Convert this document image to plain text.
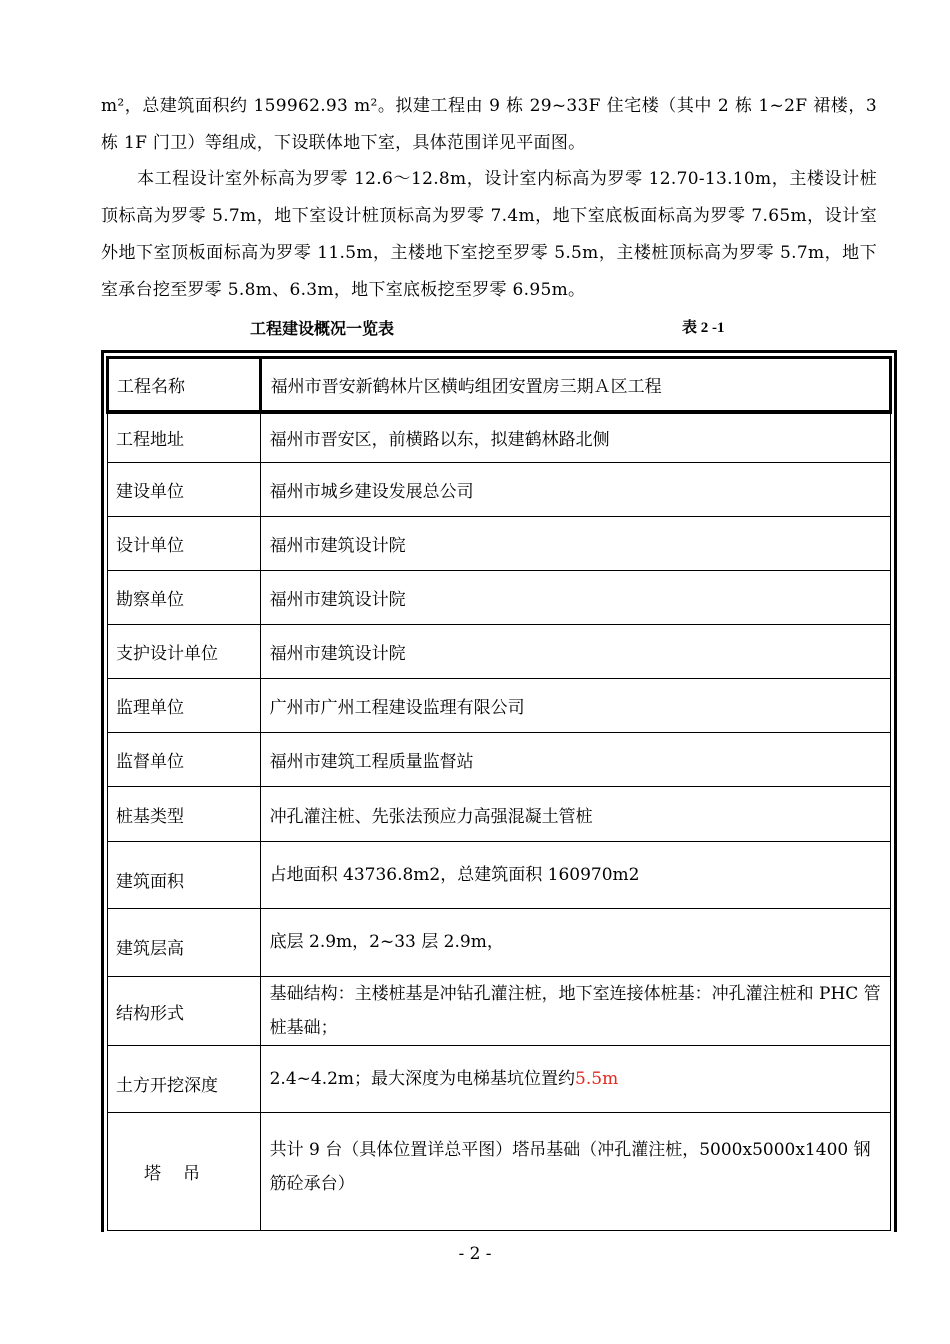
m²，总建筑面积约 159962.93 m²。拟建工程由 9 栋 29~33F 住宅楼（其中 2 栋 1~2F 裙楼，3 栋 1F 门卫）等组成，下设联体地下室，具体范围详见平面图。

本工程设计室外标高为罗零 12.6～12.8m，设计室内标高为罗零 12.70-13.10m，主楼设计桩顶标高为罗零 5.7m，地下室设计桩顶标高为罗零 7.4m，地下室底板面标高为罗零 7.65m，设计室外地下室顶板面标高为罗零 11.5m，主楼地下室挖至罗零 5.5m，主楼桩顶标高为罗零 5.7m，地下室承台挖至罗零 5.8m、6.3m，地下室底板挖至罗零 6.95m。

工程建设概况一览表	表 2 -1
工程名称	福州市晋安新鹤林片区横屿组团安置房三期Ａ区工程
工程地址	福州市晋安区，前横路以东，拟建鹤林路北侧
建设单位	福州市城乡建设发展总公司
设计单位	福州市建筑设计院
勘察单位	福州市建筑设计院
支护设计单位	福州市建筑设计院
监理单位	广州市广州工程建设监理有限公司
监督单位	福州市建筑工程质量监督站
桩基类型	冲孔灌注桩、先张法预应力高强混凝土管桩
建筑面积	占地面积 43736.8m2，总建筑面积 160970m2
建筑层高	底层 2.9m，2~33 层 2.9m，
结构形式	基础结构：主楼桩基是冲钻孔灌注桩，地下室连接体桩基：冲孔灌注桩和 PHC 管桩基础；
土方开挖深度	2.4~4.2m；最大深度为电梯基坑位置约5.5m
塔吊	共计 9 台（具体位置详总平图）塔吊基础（冲孔灌注桩，5000x5000x1400 钢筋砼承台）
- 2 -
